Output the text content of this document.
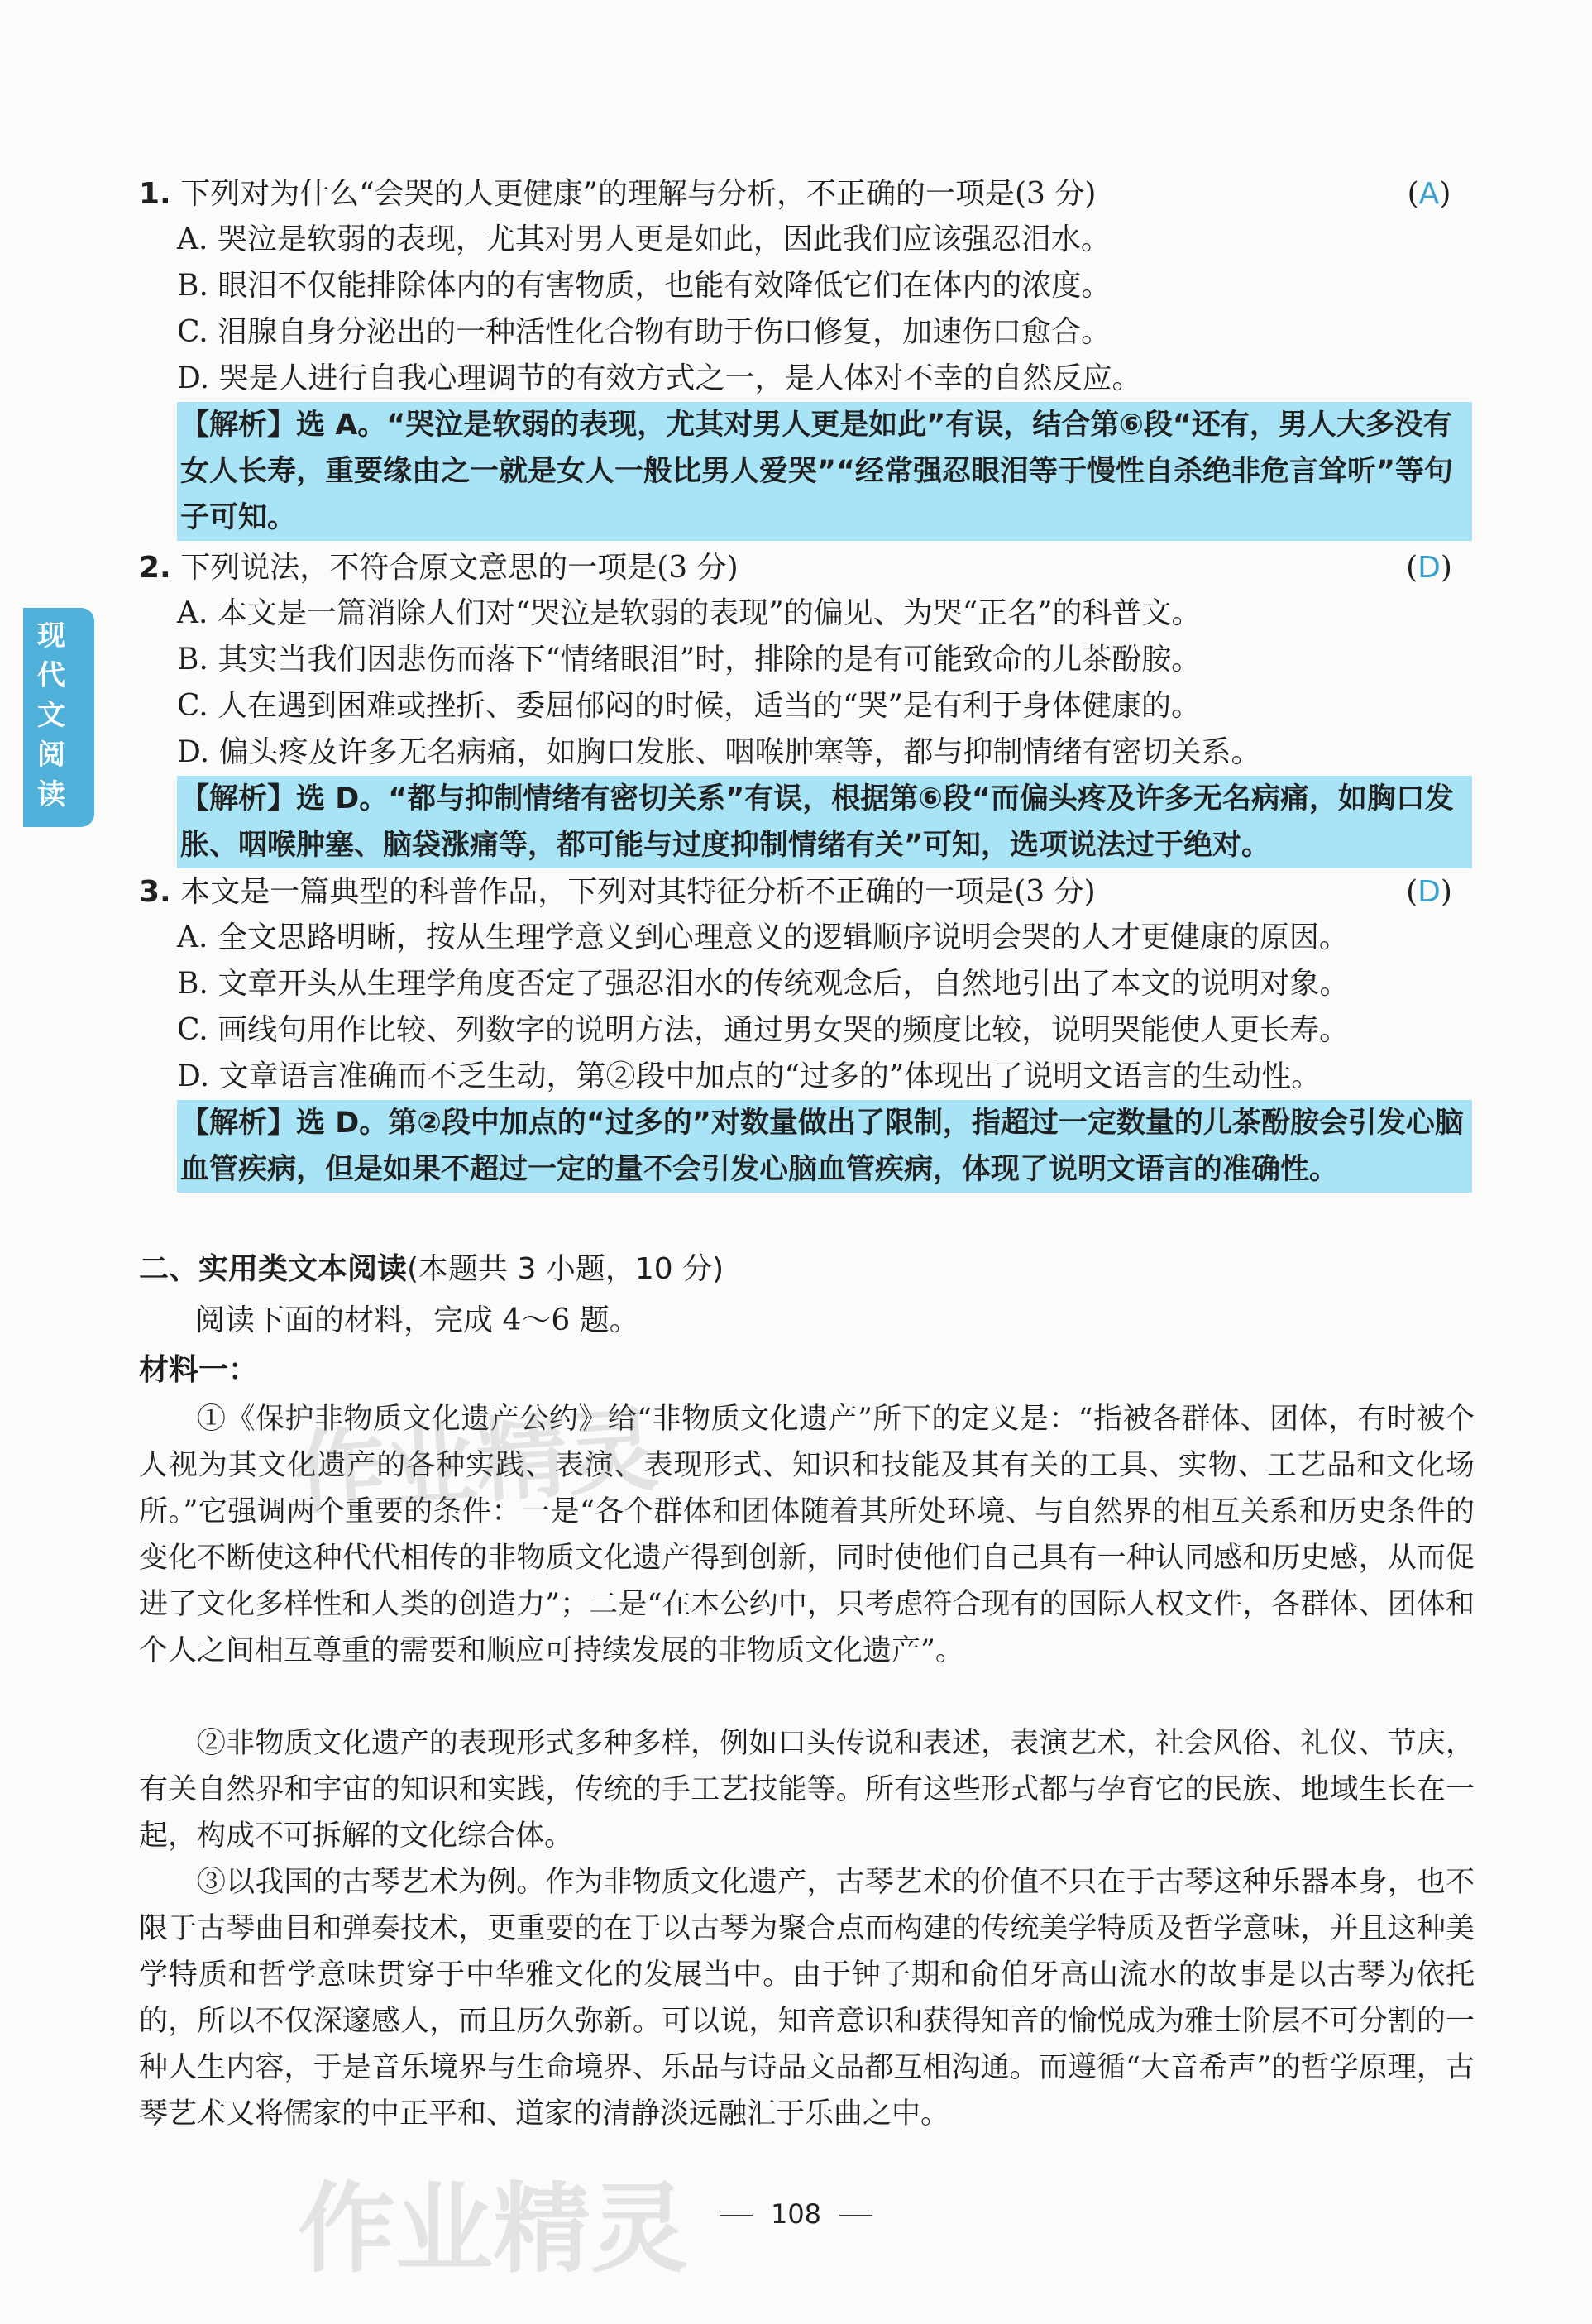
现代文阅读
1. 下列对为什么“会哭的人更健康”的理解与分析，不正确的一项是(3 分)	(A)
A. 哭泣是软弱的表现，尤其对男人更是如此，因此我们应该强忍泪水。
B. 眼泪不仅能排除体内的有害物质，也能有效降低它们在体内的浓度。
C. 泪腺自身分泌出的一种活性化合物有助于伤口修复，加速伤口愈合。
D. 哭是人进行自我心理调节的有效方式之一，是人体对不幸的自然反应。
【解析】选 A。“哭泣是软弱的表现，尤其对男人更是如此”有误，结合第⑥段“还有，男人大多没有女人长寿，重要缘由之一就是女人一般比男人爱哭”“经常强忍眼泪等于慢性自杀绝非危言耸听”等句子可知。
2. 下列说法，不符合原文意思的一项是(3 分)	(D)
A. 本文是一篇消除人们对“哭泣是软弱的表现”的偏见、为哭“正名”的科普文。
B. 其实当我们因悲伤而落下“情绪眼泪”时，排除的是有可能致命的儿茶酚胺。
C. 人在遇到困难或挫折、委屈郁闷的时候，适当的“哭”是有利于身体健康的。
D. 偏头疼及许多无名病痛，如胸口发胀、咽喉肿塞等，都与抑制情绪有密切关系。
【解析】选 D。“都与抑制情绪有密切关系”有误，根据第⑥段“而偏头疼及许多无名病痛，如胸口发胀、咽喉肿塞、脑袋涨痛等，都可能与过度抑制情绪有关”可知，选项说法过于绝对。
3. 本文是一篇典型的科普作品，下列对其特征分析不正确的一项是(3 分)	(D)
A. 全文思路明晰，按从生理学意义到心理意义的逻辑顺序说明会哭的人才更健康的原因。
B. 文章开头从生理学角度否定了强忍泪水的传统观念后，自然地引出了本文的说明对象。
C. 画线句用作比较、列数字的说明方法，通过男女哭的频度比较，说明哭能使人更长寿。
D. 文章语言准确而不乏生动，第②段中加点的“过多的”体现出了说明文语言的生动性。
【解析】选 D。第②段中加点的“过多的”对数量做出了限制，指超过一定数量的儿茶酚胺会引发心脑血管疾病，但是如果不超过一定的量不会引发心脑血管疾病，体现了说明文语言的准确性。
二、实用类文本阅读(本题共 3 小题，10 分)
阅读下面的材料，完成 4～6 题。
材料一：
①《保护非物质文化遗产公约》给“非物质文化遗产”所下的定义是：“指被各群体、团体，有时被个人视为其文化遗产的各种实践、表演、表现形式、知识和技能及其有关的工具、实物、工艺品和文化场所。”它强调两个重要的条件：一是“各个群体和团体随着其所处环境、与自然界的相互关系和历史条件的变化不断使这种代代相传的非物质文化遗产得到创新，同时使他们自己具有一种认同感和历史感，从而促进了文化多样性和人类的创造力”；二是“在本公约中，只考虑符合现有的国际人权文件，各群体、团体和个人之间相互尊重的需要和顺应可持续发展的非物质文化遗产”。
②非物质文化遗产的表现形式多种多样，例如口头传说和表述，表演艺术，社会风俗、礼仪、节庆，有关自然界和宇宙的知识和实践，传统的手工艺技能等。所有这些形式都与孕育它的民族、地域生长在一起，构成不可拆解的文化综合体。
③以我国的古琴艺术为例。作为非物质文化遗产，古琴艺术的价值不只在于古琴这种乐器本身，也不限于古琴曲目和弹奏技术，更重要的在于以古琴为聚合点而构建的传统美学特质及哲学意味，并且这种美学特质和哲学意味贯穿于中华雅文化的发展当中。由于钟子期和俞伯牙高山流水的故事是以古琴为依托的，所以不仅深邃感人，而且历久弥新。可以说，知音意识和获得知音的愉悦成为雅士阶层不可分割的一种人生内容，于是音乐境界与生命境界、乐品与诗品文品都互相沟通。而遵循“大音希声”的哲学原理，古琴艺术又将儒家的中正平和、道家的清静淡远融汇于乐曲之中。
作业精灵
作业精灵	108
